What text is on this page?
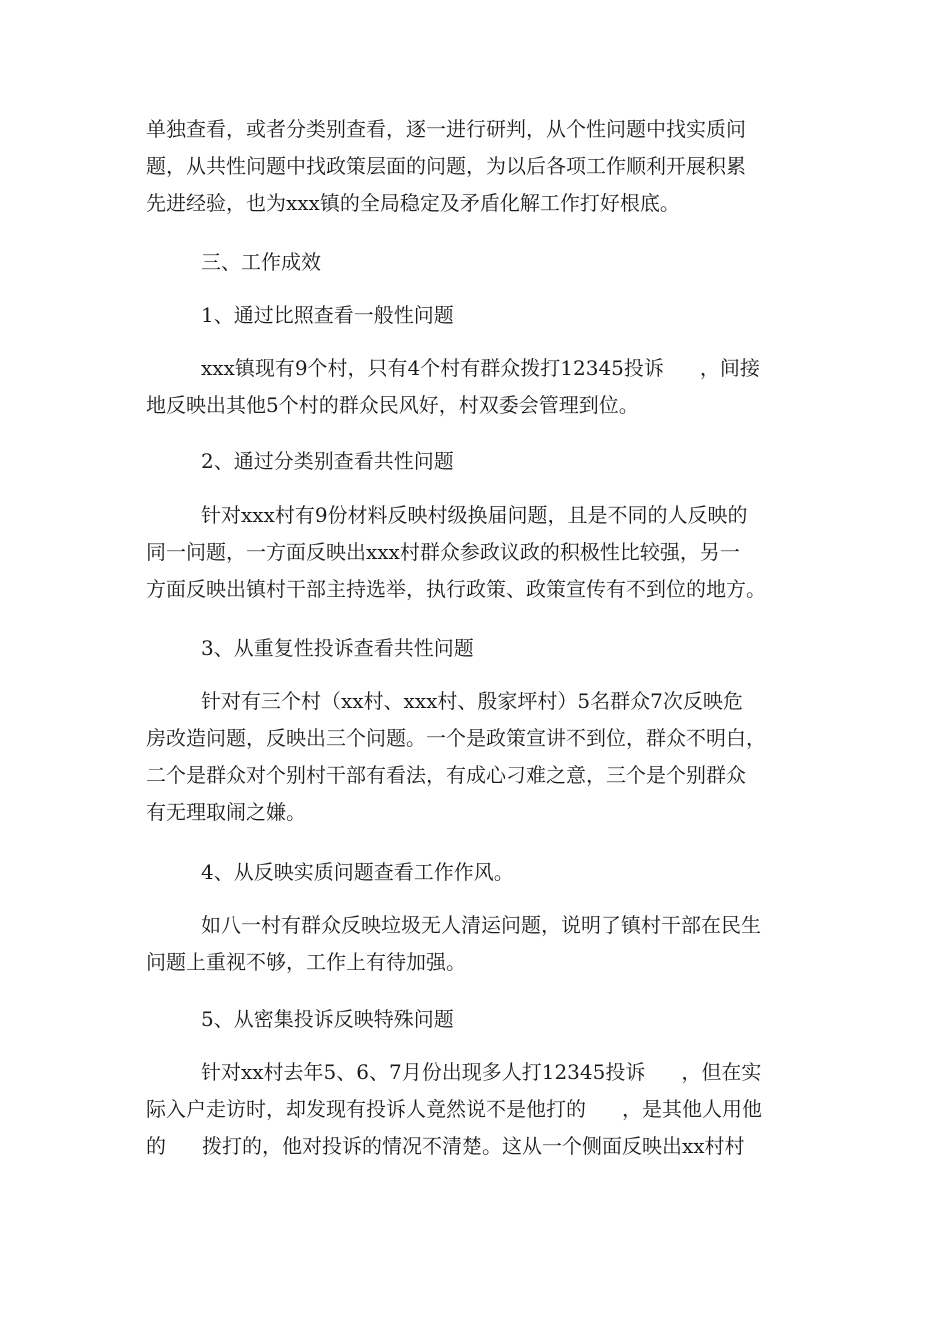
单独查看，或者分类别查看，逐一进行研判，从个性问题中找实质问
题，从共性问题中找政策层面的问题，为以后各项工作顺利开展积累
先进经验，也为xxx镇的全局稳定及矛盾化解工作打好根底。

三、工作成效

1、通过比照查看一般性问题

xxx镇现有9个村，只有4个村有群众拨打12345投诉 ，间接
地反映出其他5个村的群众民风好，村双委会管理到位。

2、通过分类别查看共性问题

针对xxx村有9份材料反映村级换届问题，且是不同的人反映的
同一问题，一方面反映出xxx村群众参政议政的积极性比较强，另一
方面反映出镇村干部主持选举，执行政策、政策宣传有不到位的地方。

3、从重复性投诉查看共性问题

针对有三个村（xx村、xxx村、殷家坪村）5名群众7次反映危
房改造问题，反映出三个问题。一个是政策宣讲不到位，群众不明白，
二个是群众对个别村干部有看法，有成心刁难之意，三个是个别群众
有无理取闹之嫌。

4、从反映实质问题查看工作作风。

如八一村有群众反映垃圾无人清运问题，说明了镇村干部在民生
问题上重视不够，工作上有待加强。

5、从密集投诉反映特殊问题

针对xx村去年5、6、7月份出现多人打12345投诉 ，但在实
际入户走访时，却发现有投诉人竟然说不是他打的 ，是其他人用他
的 拨打的，他对投诉的情况不清楚。这从一个侧面反映出xx村村
